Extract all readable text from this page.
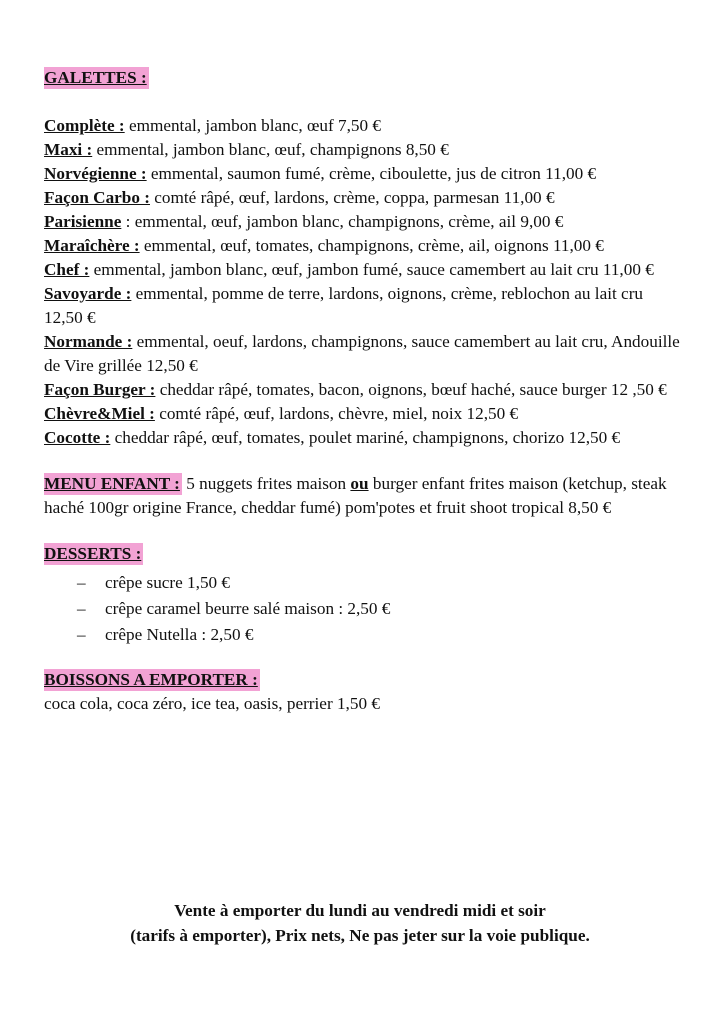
GALETTES :

Complète : emmental, jambon blanc, œuf 7,50 €

Maxi : emmental, jambon blanc, œuf, champignons 8,50 €

Norvégienne : emmental, saumon fumé, crème, ciboulette, jus de citron 11,00 €

Façon Carbo : comté râpé, œuf, lardons, crème, coppa, parmesan 11,00 €

Parisienne : emmental, œuf, jambon blanc, champignons, crème, ail 9,00 €

Maraîchère : emmental, œuf, tomates, champignons, crème, ail, oignons 11,00 €

Chef : emmental, jambon blanc, œuf, jambon fumé, sauce camembert au lait cru 11,00 €

Savoyarde : emmental, pomme de terre, lardons, oignons, crème, reblochon au lait cru 12,50 €

Normande : emmental, oeuf, lardons, champignons, sauce camembert au lait cru, Andouille de Vire grillée 12,50 €

Façon Burger : cheddar râpé, tomates, bacon, oignons, bœuf haché, sauce burger 12 ,50 €

Chèvre&Miel : comté râpé, œuf, lardons, chèvre, miel, noix 12,50 €

Cocotte : cheddar râpé, œuf, tomates, poulet mariné, champignons, chorizo 12,50 €

MENU ENFANT : 5 nuggets frites maison ou burger enfant frites maison (ketchup, steak haché 100gr origine France, cheddar fumé) pom'potes et fruit shoot tropical 8,50 €

DESSERTS :
– crêpe sucre 1,50 €
– crêpe caramel beurre salé maison : 2,50 €
– crêpe Nutella : 2,50 €
BOISSONS A EMPORTER :

coca cola, coca zéro, ice tea, oasis, perrier 1,50 €

Vente à emporter du lundi au vendredi midi et soir
(tarifs à emporter), Prix nets, Ne pas jeter sur la voie publique.
